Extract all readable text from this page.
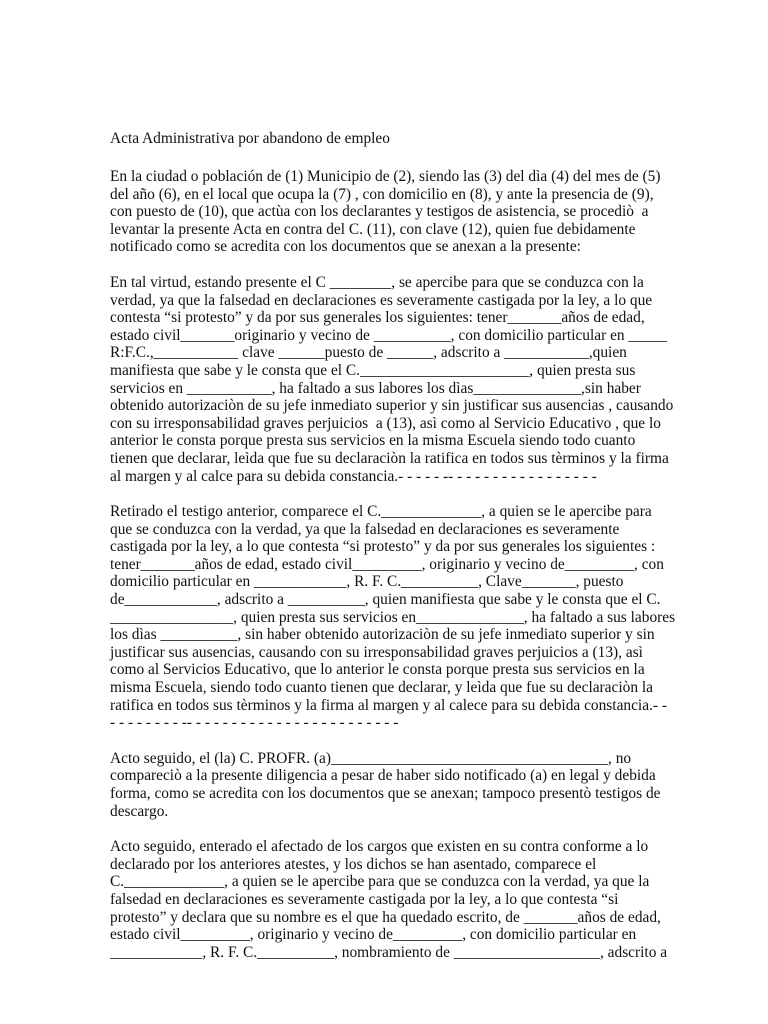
Acta Administrativa por abandono de empleo
En la ciudad o población de (1) Municipio de (2), siendo las (3) del dìa (4) del mes de (5)
del año (6), en el local que ocupa la (7) , con domicilio en (8), y ante la presencia de (9),
con puesto de (10), que actùa con los declarantes y testigos de asistencia, se procediò  a
levantar la presente Acta en contra del C. (11), con clave (12), quien fue debidamente
notificado como se acredita con los documentos que se anexan a la presente:
En tal virtud, estando presente el C ________, se apercibe para que se conduzca con la
verdad, ya que la falsedad en declaraciones es severamente castigada por la ley, a lo que
contesta “si protesto” y da por sus generales los siguientes: tener_______años de edad,
estado civil_______originario y vecino de __________, con domicilio particular en _____
R:F.C.,___________ clave ______puesto de ______, adscrito a ___________,quien
manifiesta que sabe y le consta que el C.______________________, quien presta sus
servicios en ___________, ha faltado a sus labores los dìas______________,sin haber
obtenido autorizaciòn de su jefe inmediato superior y sin justificar sus ausencias , causando
con su irresponsabilidad graves perjuicios  a (13), asì como al Servicio Educativo , que lo
anterior le consta porque presta sus servicios en la misma Escuela siendo todo cuanto
tienen que declarar, leìda que fue su declaraciòn la ratifica en todos sus tèrminos y la firma
al margen y al calce para su debida constancia.- - - - - -- - - - - - - - - - - - - - - - -
Retirado el testigo anterior, comparece el C._____________, a quien se le apercibe para
que se conduzca con la verdad, ya que la falsedad en declaraciones es severamente
castigada por la ley, a lo que contesta “si protesto” y da por sus generales los siguientes :
tener_______años de edad, estado civil_________, originario y vecino de_________, con
domicilio particular en ____________, R. F. C.__________, Clave_______, puesto
de____________, adscrito a __________, quien manifiesta que sabe y le consta que el C.
________________, quien presta sus servicios en______________, ha faltado a sus labores
los dìas __________, sin haber obtenido autorizaciòn de su jefe inmediato superior y sin
justificar sus ausencias, causando con su irresponsabilidad graves perjuicios a (13), asì
como al Servicios Educativo, que lo anterior le consta porque presta sus servicios en la
misma Escuela, siendo todo cuanto tienen que declarar, y leìda que fue su declaraciòn la
ratifica en todos sus tèrminos y la firma al margen y al calece para su debida constancia.- -
- - - - - - - - -- - - - - - - - - - - - - - - - - - - - - - - -
Acto seguido, el (la) C. PROFR. (a)____________________________________, no
compareciò a la presente diligencia a pesar de haber sido notificado (a) en legal y debida
forma, como se acredita con los documentos que se anexan; tampoco presentò testigos de
descargo.
Acto seguido, enterado el afectado de los cargos que existen en su contra conforme a lo
declarado por los anteriores atestes, y los dichos se han asentado, comparece el
C._____________, a quien se le apercibe para que se conduzca con la verdad, ya que la
falsedad en declaraciones es severamente castigada por la ley, a lo que contesta “si
protesto” y declara que su nombre es el que ha quedado escrito, de _______años de edad,
estado civil_________, originario y vecino de_________, con domicilio particular en
____________, R. F. C.__________, nombramiento de ___________________, adscrito a
